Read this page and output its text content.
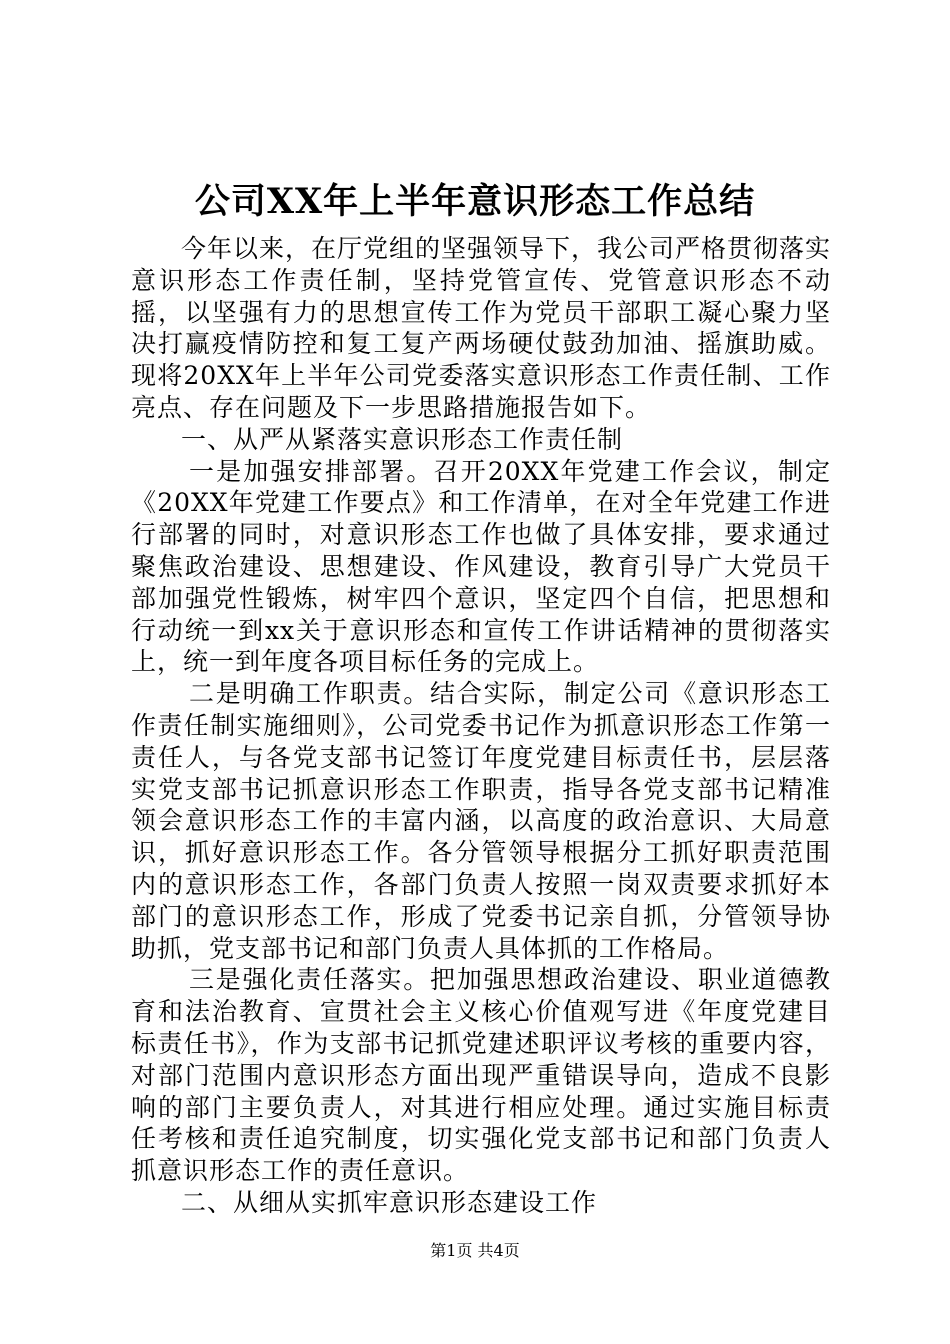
公司XX年上半年意识形态工作总结

今年以来，在厅党组的坚强领导下，我公司严格贯彻落实意识形态工作责任制，坚持党管宣传、党管意识形态不动摇，以坚强有力的思想宣传工作为党员干部职工凝心聚力坚决打赢疫情防控和复工复产两场硬仗鼓劲加油、摇旗助威。现将20XX年上半年公司党委落实意识形态工作责任制、工作亮点、存在问题及下一步思路措施报告如下。

一、从严从紧落实意识形态工作责任制

一是加强安排部署。召开20XX年党建工作会议，制定《20XX年党建工作要点》和工作清单，在对全年党建工作进行部署的同时，对意识形态工作也做了具体安排，要求通过聚焦政治建设、思想建设、作风建设，教育引导广大党员干部加强党性锻炼，树牢四个意识，坚定四个自信，把思想和行动统一到xx关于意识形态和宣传工作讲话精神的贯彻落实上，统一到年度各项目标任务的完成上。

二是明确工作职责。结合实际，制定公司《意识形态工作责任制实施细则》，公司党委书记作为抓意识形态工作第一责任人，与各党支部书记签订年度党建目标责任书，层层落实党支部书记抓意识形态工作职责，指导各党支部书记精准领会意识形态工作的丰富内涵，以高度的政治意识、大局意识，抓好意识形态工作。各分管领导根据分工抓好职责范围内的意识形态工作，各部门负责人按照一岗双责要求抓好本部门的意识形态工作，形成了党委书记亲自抓，分管领导协助抓，党支部书记和部门负责人具体抓的工作格局。

三是强化责任落实。把加强思想政治建设、职业道德教育和法治教育、宣贯社会主义核心价值观写进《年度党建目标责任书》，作为支部书记抓党建述职评议考核的重要内容，对部门范围内意识形态方面出现严重错误导向，造成不良影响的部门主要负责人，对其进行相应处理。通过实施目标责任考核和责任追究制度，切实强化党支部书记和部门负责人抓意识形态工作的责任意识。

二、从细从实抓牢意识形态建设工作

第1页 共4页
